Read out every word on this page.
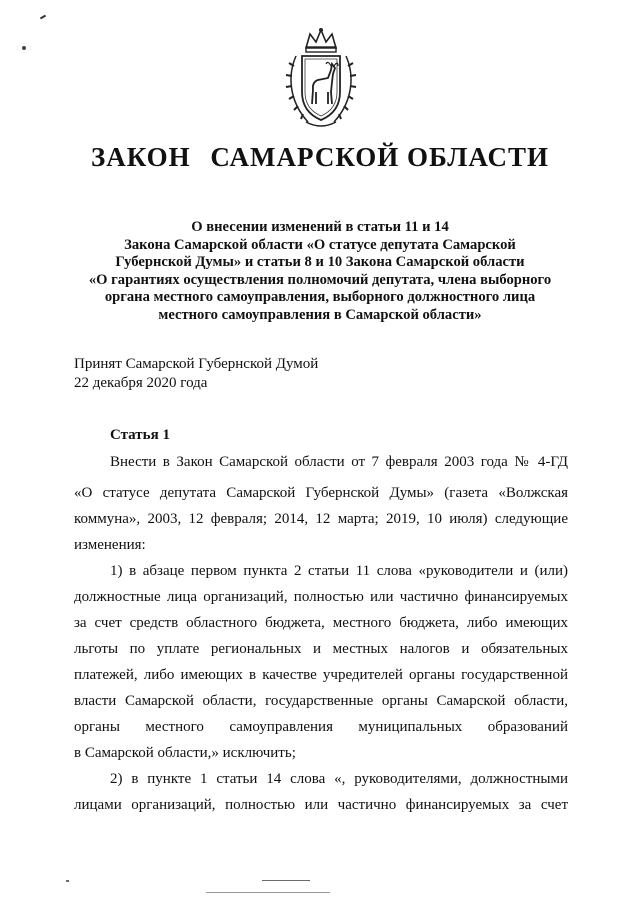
ЗАКОН САМАРСКОЙ ОБЛАСТИ
О внесении изменений в статьи 11 и 14
Закона Самарской области «О статусе депутата Самарской
Губернской Думы» и статьи 8 и 10 Закона Самарской области
«О гарантиях осуществления полномочий депутата, члена выборного
органа местного самоуправления, выборного должностного лица
местного самоуправления в Самарской области»
Принят Самарской Губернской Думой
22 декабря 2020 года
Статья 1
Внести в Закон Самарской области от 7 февраля 2003 года № 4-ГД
«О статусе депутата Самарской Губернской Думы» (газета «Волжская
коммуна», 2003, 12 февраля; 2014, 12 марта; 2019, 10 июля) следующие
изменения:
1) в абзаце первом пункта 2 статьи 11 слова «руководители и (или)
должностные лица организаций, полностью или частично финансируемых
за счет средств областного бюджета, местного бюджета, либо имеющих
льготы по уплате региональных и местных налогов и обязательных
платежей, либо имеющих в качестве учредителей органы государственной
власти Самарской области, государственные органы Самарской области,
органы местного самоуправления муниципальных образований
в Самарской области,» исключить;
2) в пункте 1 статьи 14 слова «, руководителями, должностными
лицами организаций, полностью или частично финансируемых за счет
